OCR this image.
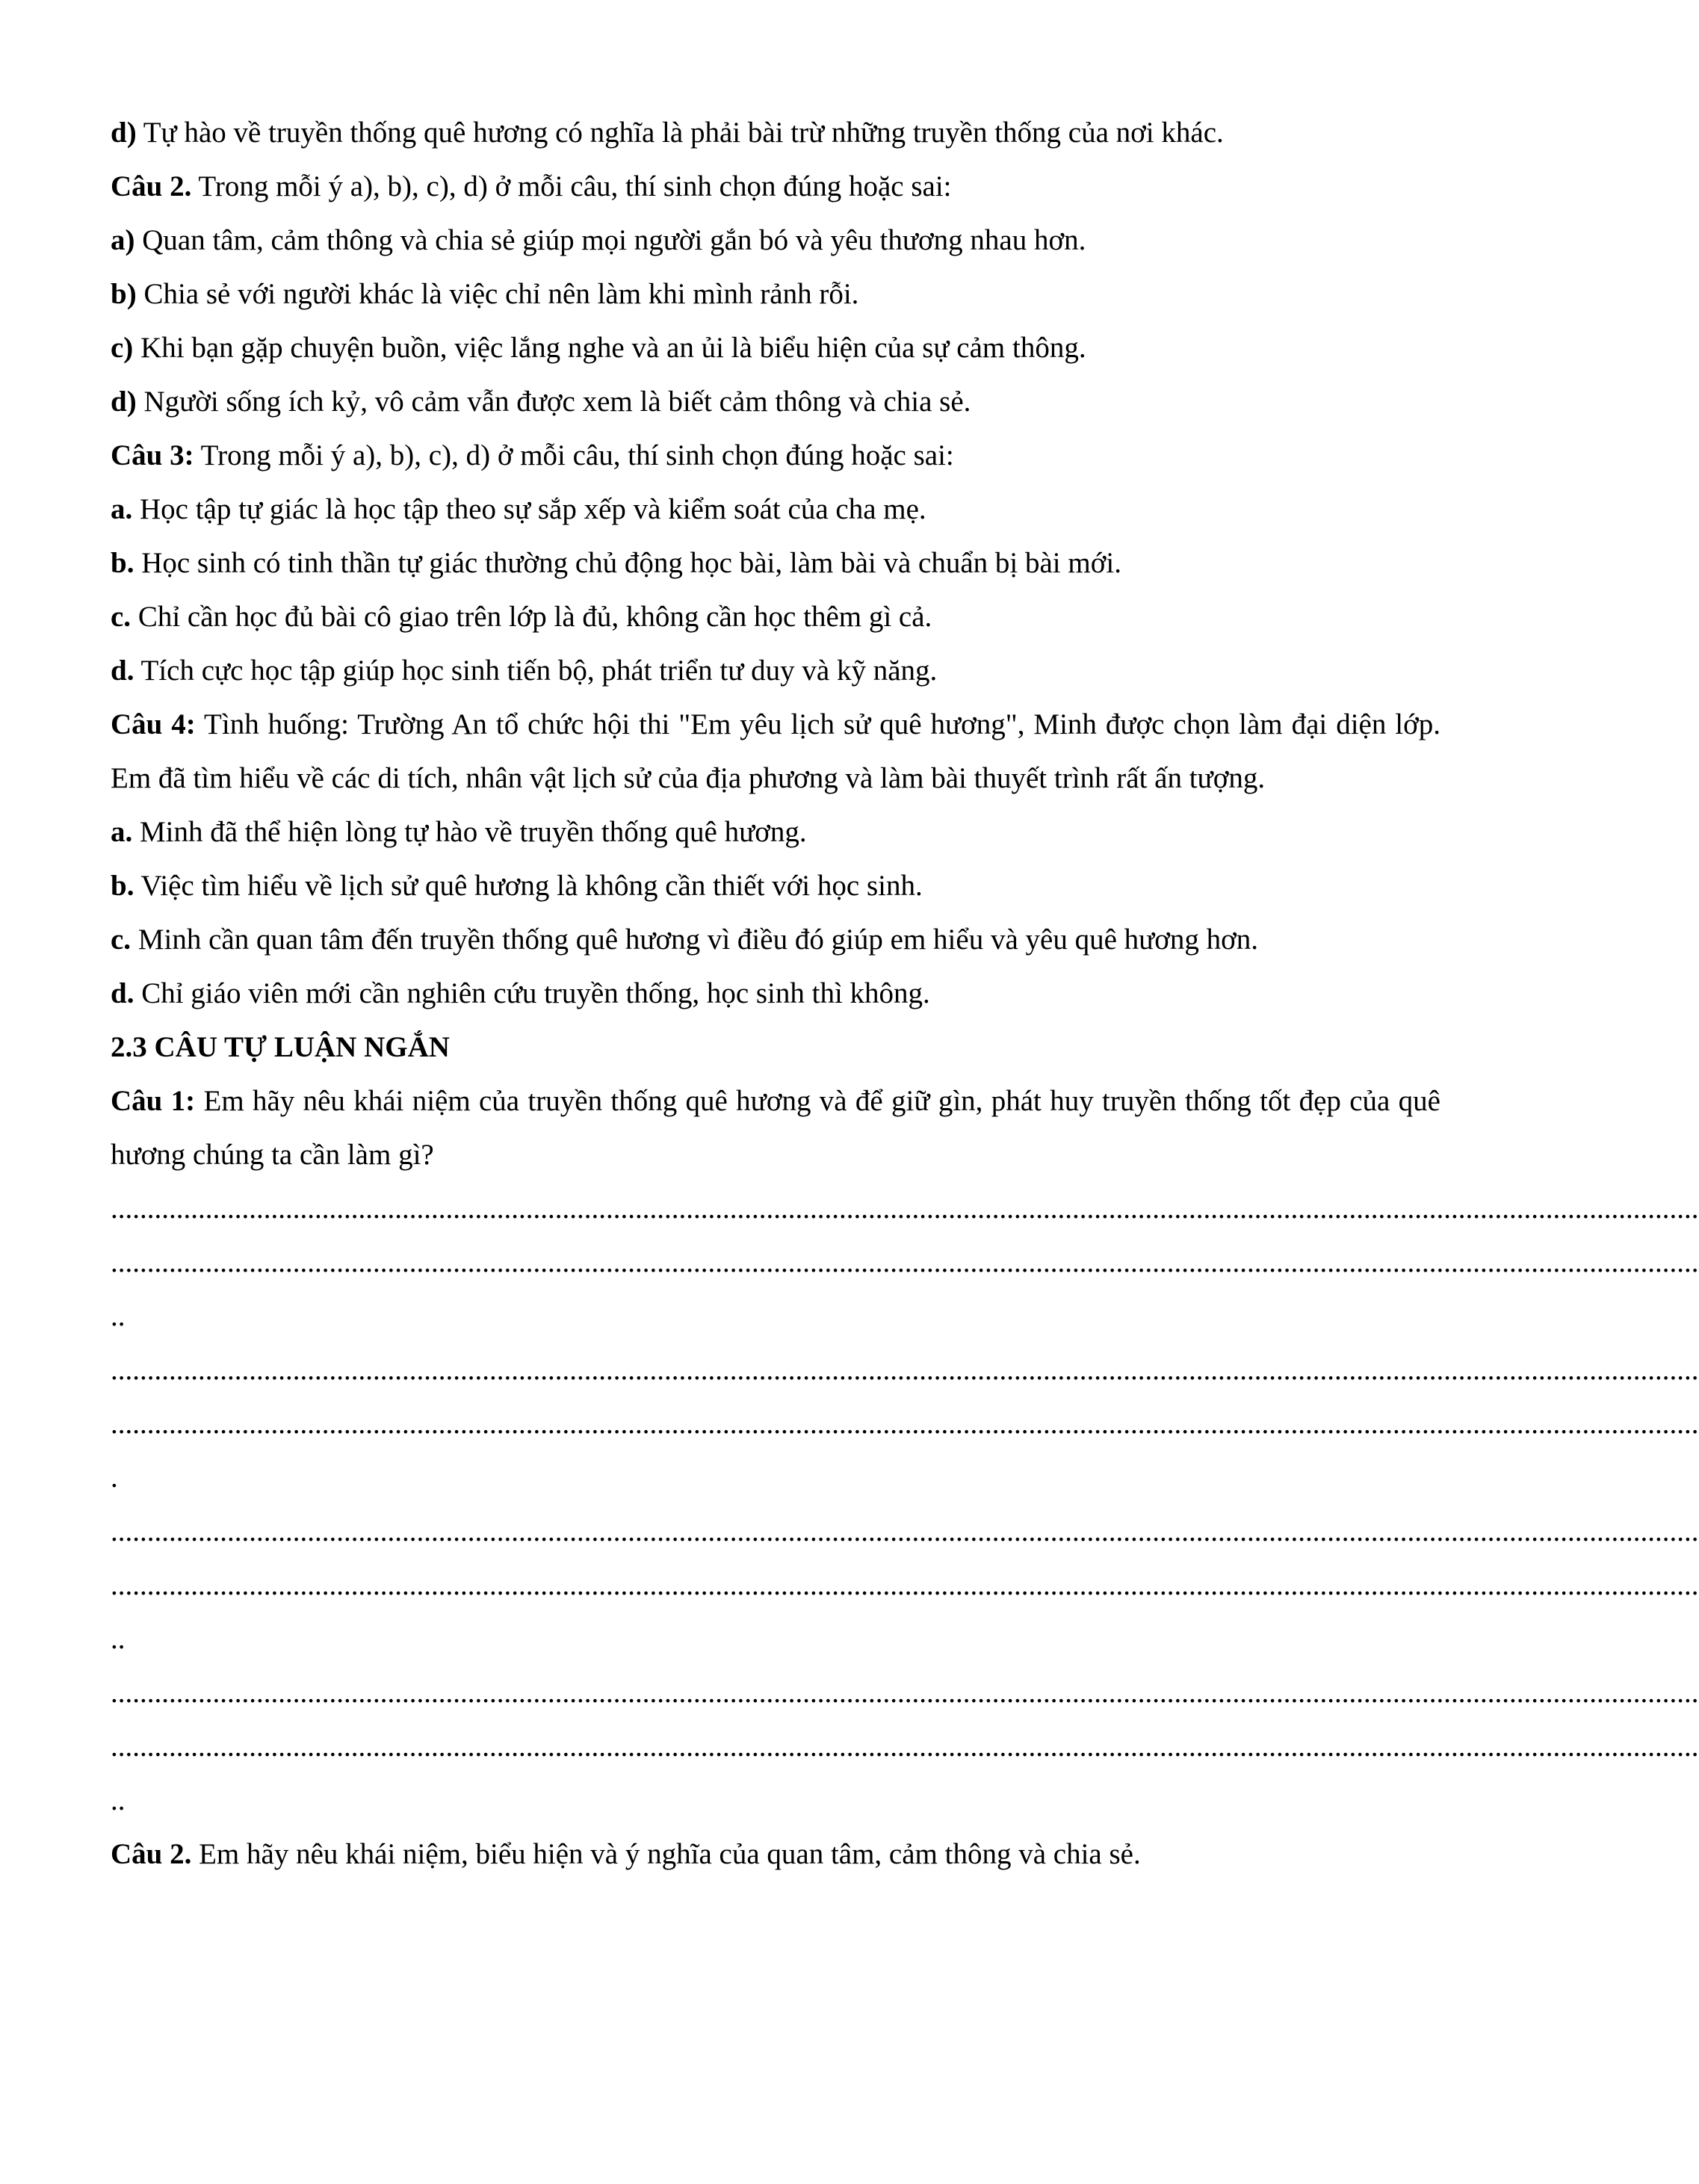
d) Tự hào về truyền thống quê hương có nghĩa là phải bài trừ những truyền thống của nơi khác.
Câu 2. Trong mỗi ý a), b), c), d) ở mỗi câu, thí sinh chọn đúng hoặc sai:
a) Quan tâm, cảm thông và chia sẻ giúp mọi người gắn bó và yêu thương nhau hơn.
b) Chia sẻ với người khác là việc chỉ nên làm khi mình rảnh rỗi.
c) Khi bạn gặp chuyện buồn, việc lắng nghe và an ủi là biểu hiện của sự cảm thông.
d) Người sống ích kỷ, vô cảm vẫn được xem là biết cảm thông và chia sẻ.
Câu 3: Trong mỗi ý a), b), c), d) ở mỗi câu, thí sinh chọn đúng hoặc sai:
a. Học tập tự giác là học tập theo sự sắp xếp và kiểm soát của cha mẹ.
b. Học sinh có tinh thần tự giác thường chủ động học bài, làm bài và chuẩn bị bài mới.
c. Chỉ cần học đủ bài cô giao trên lớp là đủ, không cần học thêm gì cả.
d. Tích cực học tập giúp học sinh tiến bộ, phát triển tư duy và kỹ năng.
Câu 4: Tình huống: Trường An tổ chức hội thi "Em yêu lịch sử quê hương", Minh được chọn làm đại diện lớp. Em đã tìm hiểu về các di tích, nhân vật lịch sử của địa phương và làm bài thuyết trình rất ấn tượng.
a. Minh đã thể hiện lòng tự hào về truyền thống quê hương.
b. Việc tìm hiểu về lịch sử quê hương là không cần thiết với học sinh.
c. Minh cần quan tâm đến truyền thống quê hương vì điều đó giúp em hiểu và yêu quê hương hơn.
d. Chỉ giáo viên mới cần nghiên cứu truyền thống, học sinh thì không.
2.3 CÂU TỰ LUẬN NGẮN
Câu 1: Em hãy nêu khái niệm của truyền thống quê hương và để giữ gìn, phát huy truyền thống tốt đẹp của quê hương chúng ta cần làm gì?
..........................................................................................................................................................................................................................
..........................................................................................................................................................................................................................
..
..........................................................................................................................................................................................................................
..........................................................................................................................................................................................................................
.
..........................................................................................................................................................................................................................
..........................................................................................................................................................................................................................
..
..........................................................................................................................................................................................................................
..........................................................................................................................................................................................................................
..
Câu 2. Em hãy nêu khái niệm, biểu hiện và ý nghĩa của quan tâm, cảm thông và chia sẻ.
